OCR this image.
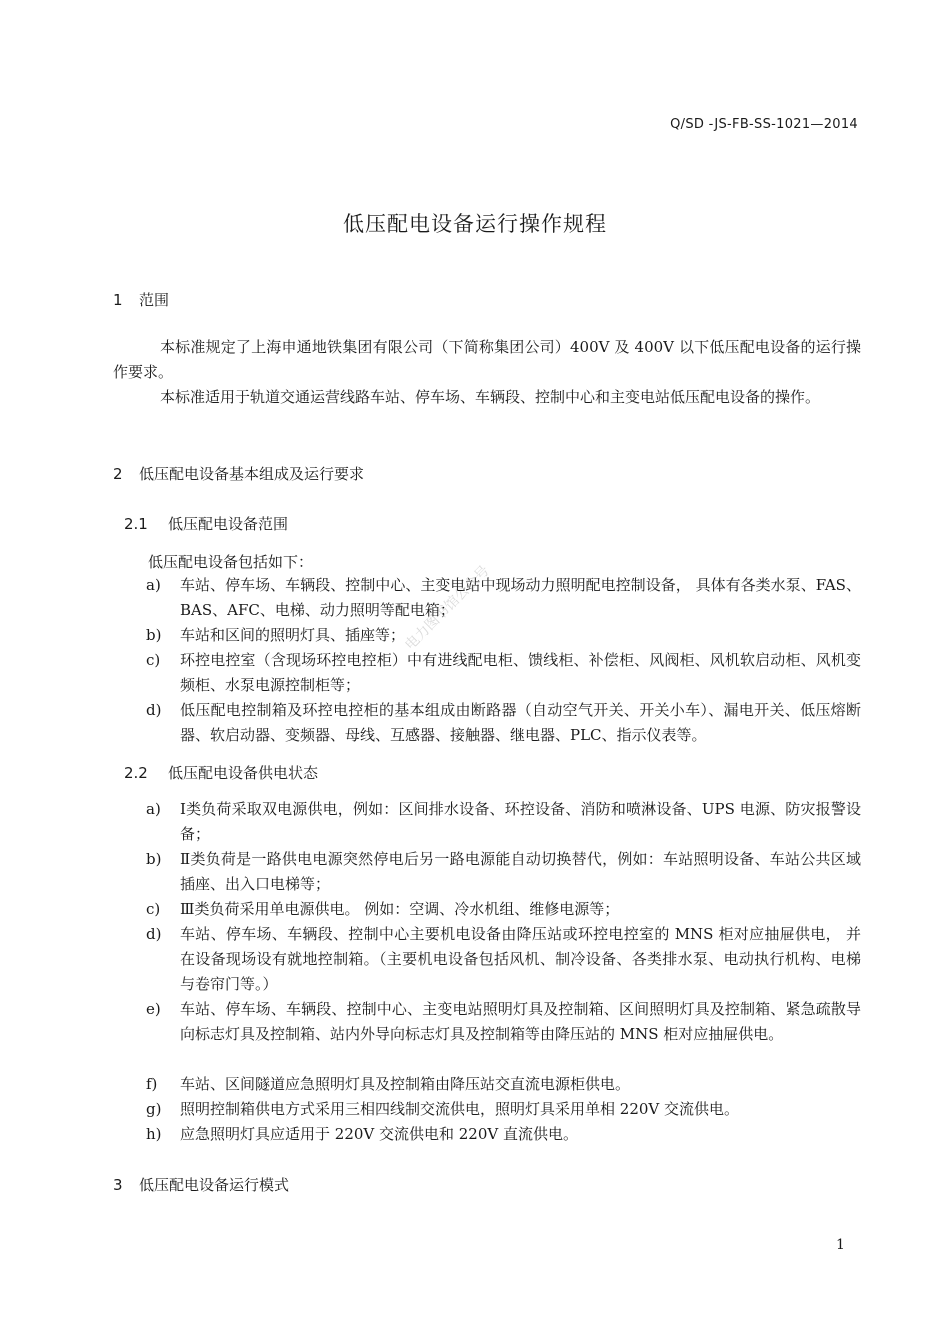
Q/SD -JS-FB-SS-1021—2014
低压配电设备运行操作规程
1 范围

本标准规定了上海申通地铁集团有限公司（下简称集团公司）400V 及 400V 以下低压配电设备的运行操作要求。

本标准适用于轨道交通运营线路车站、停车场、车辆段、控制中心和主变电站低压配电设备的操作。

2 低压配电设备基本组成及运行要求
2.1 低压配电设备范围
低压配电设备包括如下：
a) 车站、停车场、车辆段、控制中心、主变电站中现场动力照明配电控制设备， 具体有各类水泵、FAS、BAS、AFC、电梯、动力照明等配电箱；
b) 车站和区间的照明灯具、插座等；
c) 环控电控室（含现场环控电控柜）中有进线配电柜、馈线柜、补偿柜、风阀柜、风机软启动柜、风机变频柜、水泵电源控制柜等；
d) 低压配电控制箱及环控电控柜的基本组成由断路器（自动空气开关、开关小车）、漏电开关、低压熔断器、软启动器、变频器、母线、互感器、接触器、继电器、PLC、指示仪表等。
2.2 低压配电设备供电状态
a) Ⅰ类负荷采取双电源供电，例如：区间排水设备、环控设备、消防和喷淋设备、UPS 电源、防灾报警设备；
b) Ⅱ类负荷是一路供电电源突然停电后另一路电源能自动切换替代，例如：车站照明设备、车站公共区域插座、出入口电梯等；
c) Ⅲ类负荷采用单电源供电。 例如：空调、冷水机组、维修电源等；
d) 车站、停车场、车辆段、控制中心主要机电设备由降压站或环控电控室的 MNS 柜对应抽屉供电， 并在设备现场设有就地控制箱。（主要机电设备包括风机、制冷设备、各类排水泵、电动执行机构、电梯与卷帘门等。）
e) 车站、停车场、车辆段、控制中心、主变电站照明灯具及控制箱、区间照明灯具及控制箱、紧急疏散导向标志灯具及控制箱、站内外导向标志灯具及控制箱等由降压站的 MNS 柜对应抽屉供电。
f) 车站、区间隧道应急照明灯具及控制箱由降压站交直流电源柜供电。
g) 照明控制箱供电方式采用三相四线制交流供电，照明灯具采用单相 220V 交流供电。
h) 应急照明灯具应适用于 220V 交流供电和 220V 直流供电。
3 低压配电设备运行模式
电力图书馆公众号
1
